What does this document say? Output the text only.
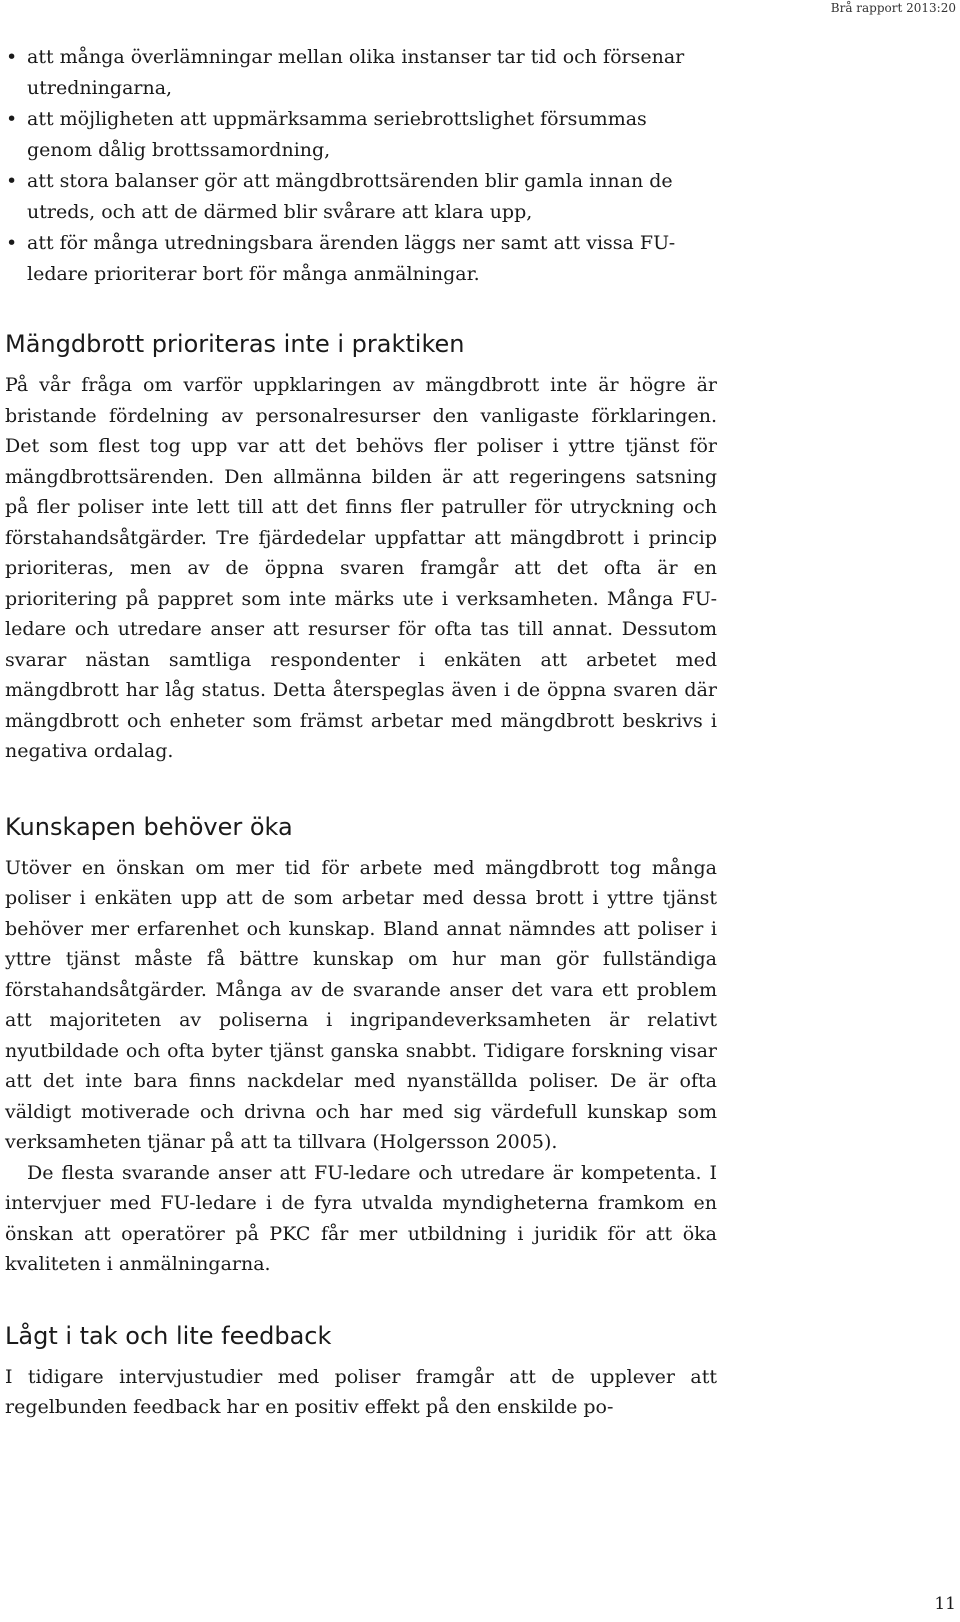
Brå rapport 2013:20
• att många överlämningar mellan olika instanser tar tid och försenar utredningarna,
• att möjligheten att uppmärksamma seriebrottslighet försummas genom dålig brottssamordning,
• att stora balanser gör att mängdbrottsärenden blir gamla innan de utreds, och att de därmed blir svårare att klara upp,
• att för många utredningsbara ärenden läggs ner samt att vissa FU-ledare prioriterar bort för många anmälningar.
Mängdbrott prioriteras inte i praktiken

På vår fråga om varför uppklaringen av mängdbrott inte är högre är bristande fördelning av personalresurser den vanligaste förklaringen. Det som flest tog upp var att det behövs fler poliser i yttre tjänst för mängdbrottsärenden. Den allmänna bilden är att regeringens satsning på fler poliser inte lett till att det finns fler patruller för utryckning och förstahandsåtgärder. Tre fjärdedelar uppfattar att mängdbrott i princip prioriteras, men av de öppna svaren framgår att det ofta är en prioritering på pappret som inte märks ute i verksamheten. Många FU-ledare och utredare anser att resurser för ofta tas till annat. Dessutom svarar nästan samtliga respondenter i enkäten att arbetet med mängdbrott har låg status. Detta återspeglas även i de öppna svaren där mängdbrott och enheter som främst arbetar med mängdbrott beskrivs i negativa ordalag.

Kunskapen behöver öka

Utöver en önskan om mer tid för arbete med mängdbrott tog många poliser i enkäten upp att de som arbetar med dessa brott i yttre tjänst behöver mer erfarenhet och kunskap. Bland annat nämndes att poliser i yttre tjänst måste få bättre kunskap om hur man gör fullständiga förstahandsåtgärder. Många av de svarande anser det vara ett problem att majoriteten av poliserna i ingripandeverksamheten är relativt nyutbildade och ofta byter tjänst ganska snabbt. Tidigare forskning visar att det inte bara finns nackdelar med nyanställda poliser. De är ofta väldigt motiverade och drivna och har med sig värdefull kunskap som verksamheten tjänar på att ta tillvara (Holgersson 2005).

De flesta svarande anser att FU-ledare och utredare är kompetenta. I intervjuer med FU-ledare i de fyra utvalda myndigheterna framkom en önskan att operatörer på PKC får mer utbildning i juridik för att öka kvaliteten i anmälningarna.

Lågt i tak och lite feedback

I tidigare intervjustudier med poliser framgår att de upplever att regelbunden feedback har en positiv effekt på den enskilde po-

11
